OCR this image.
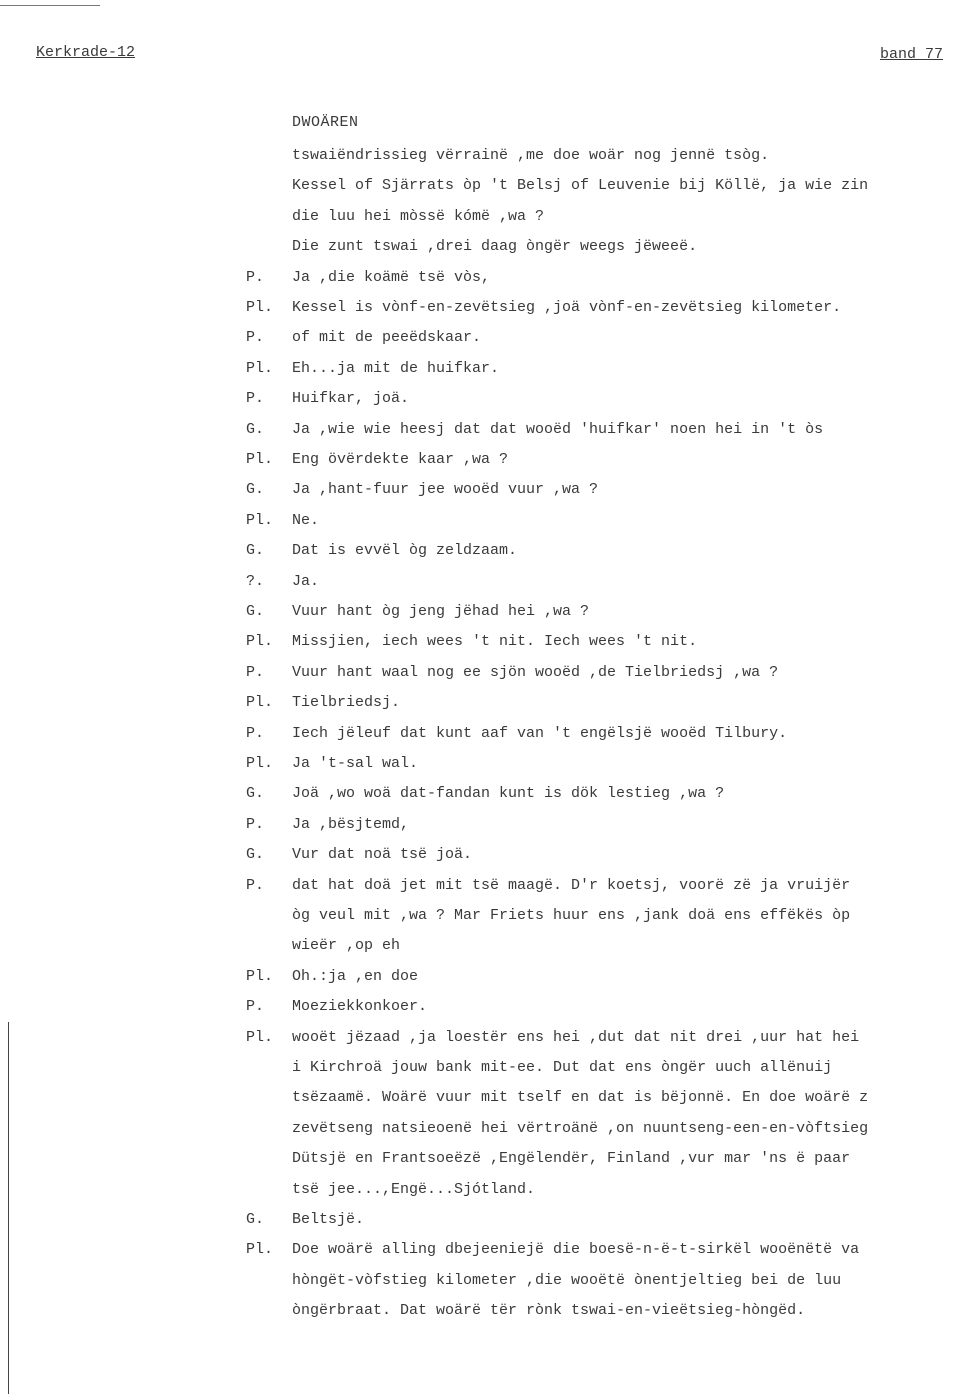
Kerkrade-12	band 77
DWOÄREN
tswaiëndrissieg vërrainë ,me doe woär nog jennë tsòg.
Kessel of Sjärrats òp 't Belsj of Leuvenie bij Köllë, ja wie zin
die luu hei mòssë kómë ,wa ?
Die zunt tswai ,drei daag òngër weegs jëweeë.
P.	Ja ,die koämë tsë vòs,
Pl.	Kessel is vònf-en-zevëtsieg ,joä vònf-en-zevëtsieg kilometer.
P.	of mit de peeëdskaar.
Pl.	Eh...ja mit de huifkar.
P.	Huifkar, joä.
G.	Ja ,wie wie heesj dat dat wooëd 'huifkar' noen hei in 't òs
Pl.	Eng övërdekte kaar ,wa ?
G.	Ja ,hant-fuur jee wooëd vuur ,wa ?
Pl.	Ne.
G.	Dat is evvël òg zeldzaam.
?.	Ja.
G.	Vuur hant òg jeng jëhad hei ,wa ?
Pl.	Missjien, iech wees 't nit. Iech wees 't nit.
P.	Vuur hant waal nog ee sjön wooëd ,de Tielbriedsj ,wa ?
Pl.	Tielbriedsj.
P.	Iech jëleuf dat kunt aaf van 't engëlsjë wooëd Tilbury.
Pl.	Ja 't-sal wal.
G.	Joä ,wo woä dat-fandan kunt is dök lestieg ,wa ?
P.	Ja ,bësjtemd,
G.	Vur dat noä tsë joä.
P.	dat hat doä jet mit tsë maagë. D'r koetsj, voorë zë ja vruijër
òg veul mit ,wa ? Mar Friets huur ens ,jank doä ens effëkës òp
wieër ,op eh
Pl.	Oh.:ja ,en doe
P.	Moeziekkonkoer.
Pl.	wooët jëzaad ,ja loestër ens hei ,dut dat nit drei ,uur hat hei
i Kirchroä jouw bank mit-ee. Dut dat ens òngër uuch allënuij
tsëzaamë. Woärë vuur mit tself en dat is bëjonnë. En doe woärë z
zevëtseng natsieoenë hei vërtroänë ,on nuuntseng-een-en-vòftsieg
Dütsjë en Frantsoeëzë ,Engëlendër, Finland ,vur mar 'ns ë paar
tsë jee...,Engë...Sjótland.
G.	Beltsjë.
Pl.	Doe woärë alling dbejeeniejë die boesë-n-ë-t-sirkël wooënëtë va
hòngët-vòfstieg kilometer ,die wooëtë ònentjeltieg bei de luu
òngërbraat. Dat woärë tër rònk tswai-en-vieëtsieg-hòngëd.
